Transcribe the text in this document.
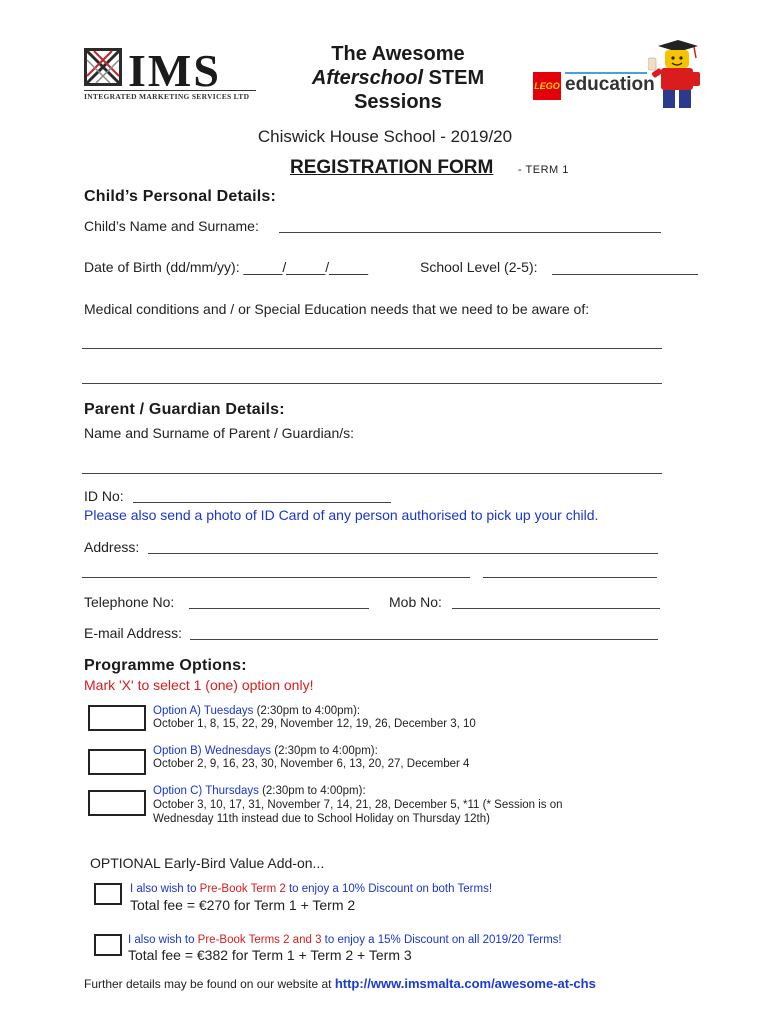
IMS
INTEGRATED MARKETING SERVICES LTD
The Awesome
Afterschool STEM
Sessions
LEGO education
Chiswick House School - 2019/20
REGISTRATION FORM - TERM 1
Child’s Personal Details:
Child’s Name and Surname:
Date of Birth (dd/mm/yy): _____/_____/_____	School Level (2-5):
Medical conditions and / or Special Education needs that we need to be aware of:
Parent / Guardian Details:
Name and Surname of Parent / Guardian/s:
ID No:
Please also send a photo of ID Card of any person authorised to pick up your child.
Address:
Telephone No:	Mob No:
E-mail Address:
Programme Options:
Mark 'X' to select 1 (one) option only!
Option A) Tuesdays (2:30pm to 4:00pm):
October 1, 8, 15, 22, 29, November 12, 19, 26, December 3, 10
Option B) Wednesdays (2:30pm to 4:00pm):
October 2, 9, 16, 23, 30, November 6, 13, 20, 27, December 4
Option C) Thursdays (2:30pm to 4:00pm):
October 3, 10, 17, 31, November 7, 14, 21, 28, December 5, *11 (* Session is on
Wednesday 11th instead due to School Holiday on Thursday 12th)
OPTIONAL Early-Bird Value Add-on...
I also wish to Pre-Book Term 2 to enjoy a 10% Discount on both Terms!
Total fee = €270 for Term 1 + Term 2
I also wish to Pre-Book Terms 2 and 3 to enjoy a 15% Discount on all 2019/20 Terms!
Total fee = €382 for Term 1 + Term 2 + Term 3
Further details may be found on our website at http://www.imsmalta.com/awesome-at-chs
